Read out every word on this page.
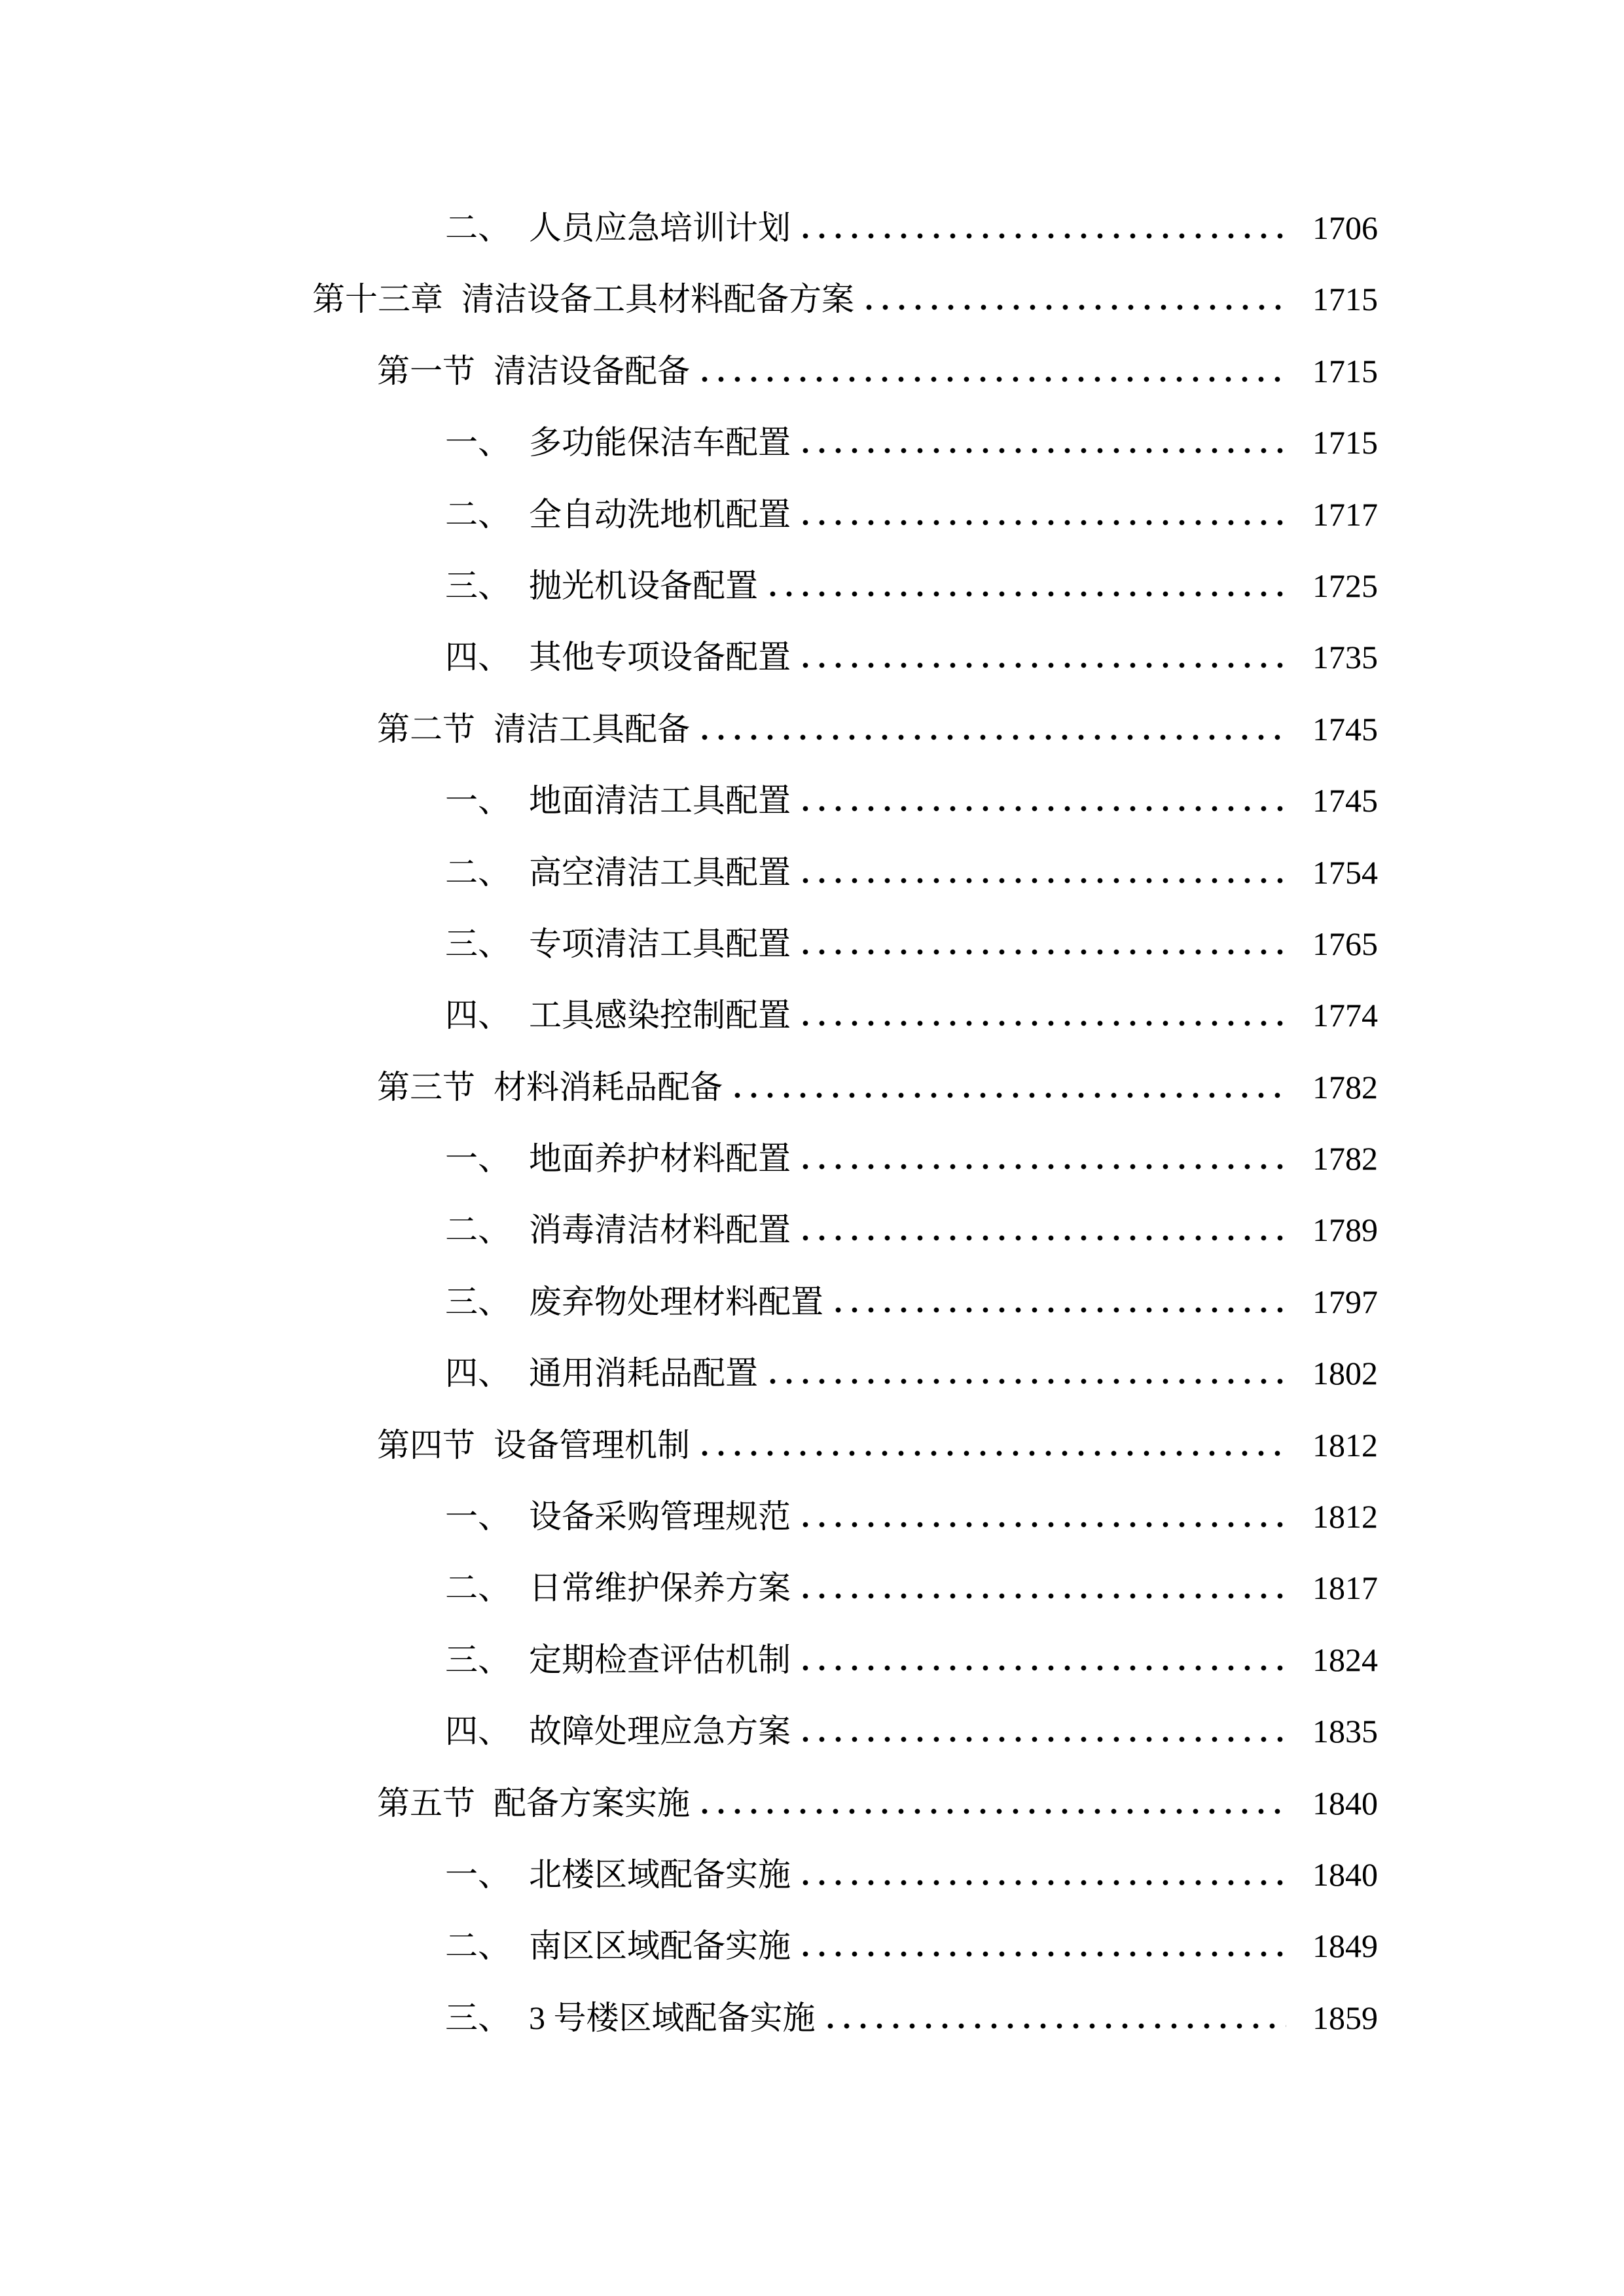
二、 人员应急培训计划	1706
第十三章 清洁设备工具材料配备方案	1715
第一节 清洁设备配备	1715
一、 多功能保洁车配置	1715
二、 全自动洗地机配置	1717
三、 抛光机设备配置	1725
四、 其他专项设备配置	1735
第二节 清洁工具配备	1745
一、 地面清洁工具配置	1745
二、 高空清洁工具配置	1754
三、 专项清洁工具配置	1765
四、 工具感染控制配置	1774
第三节 材料消耗品配备	1782
一、 地面养护材料配置	1782
二、 消毒清洁材料配置	1789
三、 废弃物处理材料配置	1797
四、 通用消耗品配置	1802
第四节 设备管理机制	1812
一、 设备采购管理规范	1812
二、 日常维护保养方案	1817
三、 定期检查评估机制	1824
四、 故障处理应急方案	1835
第五节 配备方案实施	1840
一、 北楼区域配备实施	1840
二、 南区区域配备实施	1849
三、 3 号楼区域配备实施	1859
